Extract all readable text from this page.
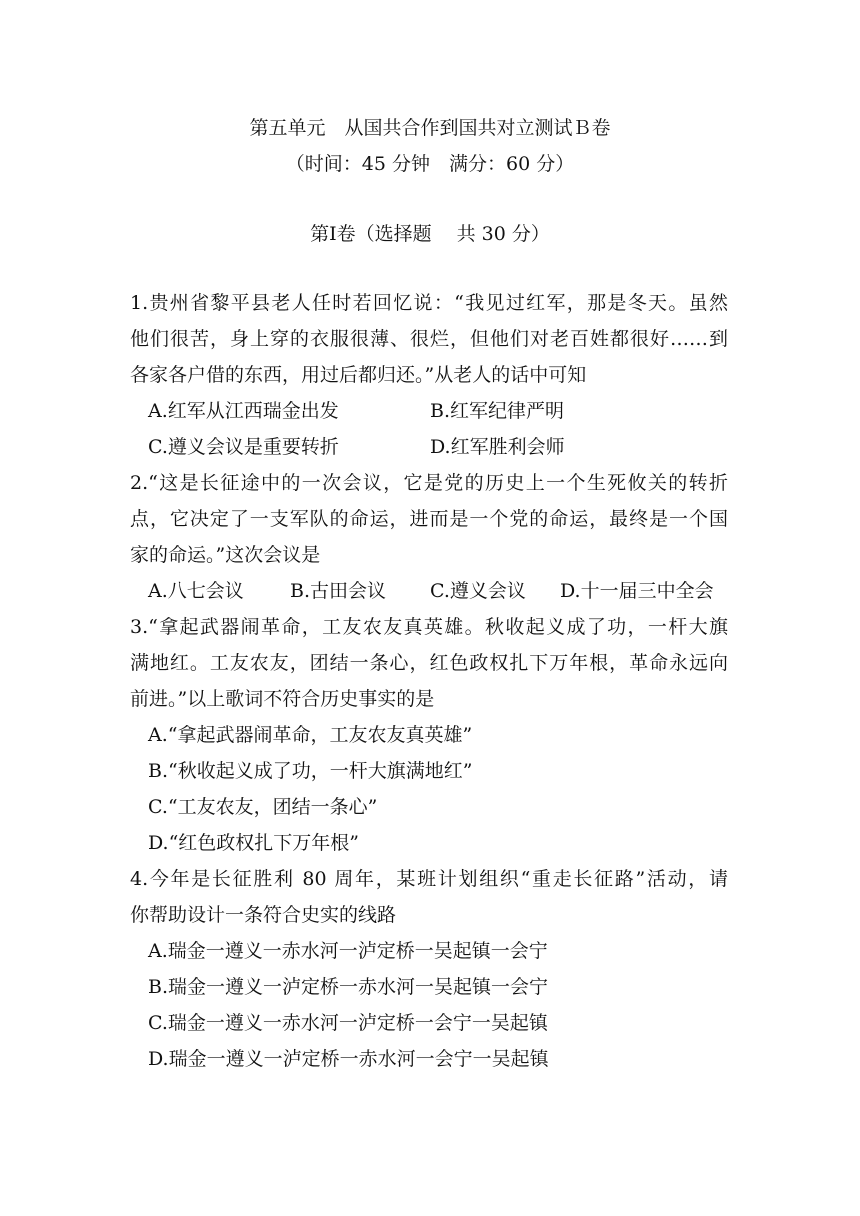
第五单元　从国共合作到国共对立测试Ｂ卷
（时间：45 分钟　满分：60 分）
第Ⅰ卷（选择题　 共 30 分）
1.贵州省黎平县老人任时若回忆说：“我见过红军，那是冬天。虽然
他们很苦，身上穿的衣服很薄、很烂，但他们对老百姓都很好……到
各家各户借的东西，用过后都归还。”从老人的话中可知
A.红军从江西瑞金出发	B.红军纪律严明
C.遵义会议是重要转折	D.红军胜利会师
2.“这是长征途中的一次会议，它是党的历史上一个生死攸关的转折
点，它决定了一支军队的命运，进而是一个党的命运，最终是一个国
家的命运。”这次会议是
A.八七会议 B.古田会议 C.遵义会议 D.十一届三中全会
3.“拿起武器闹革命，工友农友真英雄。秋收起义成了功，一杆大旗
满地红。工友农友，团结一条心，红色政权扎下万年根，革命永远向
前进。”以上歌词不符合历史事实的是
A.“拿起武器闹革命，工友农友真英雄”
B.“秋收起义成了功，一杆大旗满地红”
C.“工友农友，团结一条心”
D.“红色政权扎下万年根”
4.今年是长征胜利 80 周年，某班计划组织“重走长征路”活动，请
你帮助设计一条符合史实的线路
A.瑞金一遵义一赤水河一泸定桥一吴起镇一会宁
B.瑞金一遵义一泸定桥一赤水河一吴起镇一会宁
C.瑞金一遵义一赤水河一泸定桥一会宁一吴起镇
D.瑞金一遵义一泸定桥一赤水河一会宁一吴起镇
